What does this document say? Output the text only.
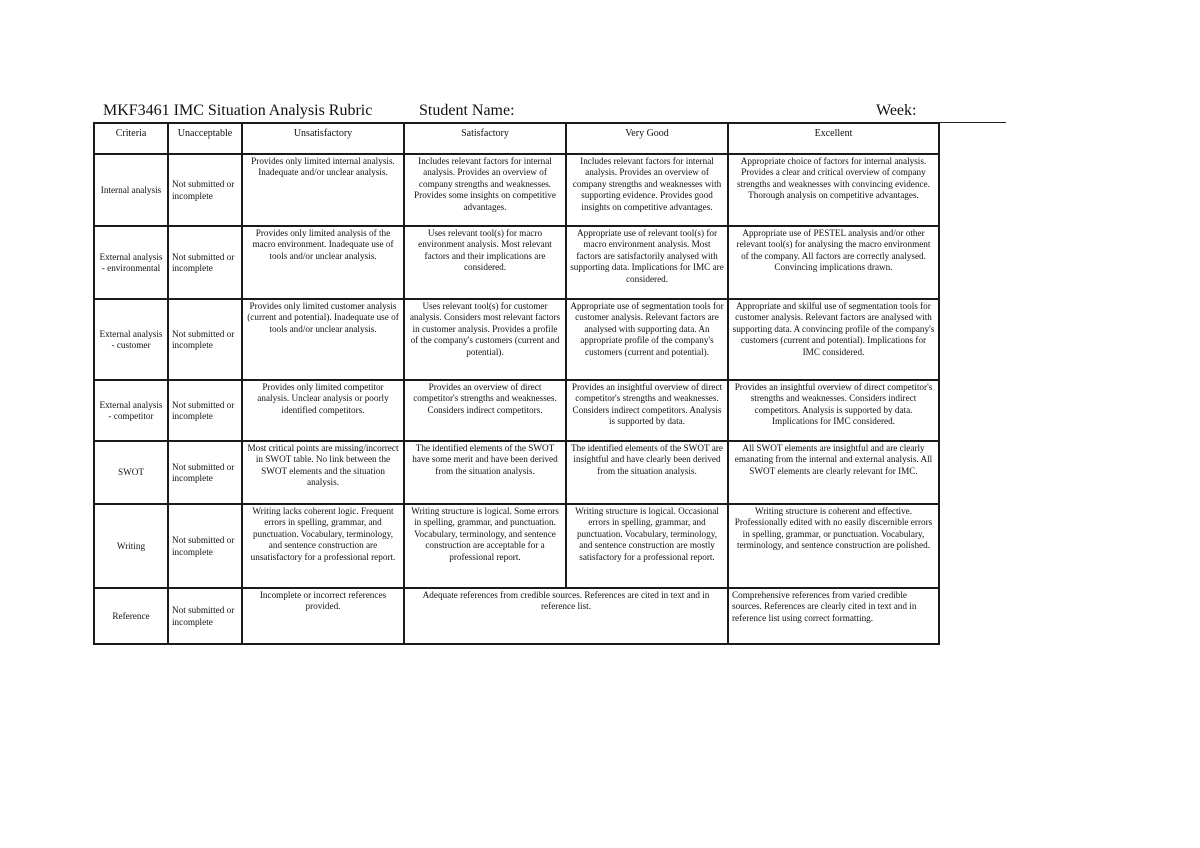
MKF3461 IMC Situation Analysis Rubric	Student Name:	Week:
Criteria	Unacceptable	Unsatisfactory	Satisfactory	Very Good	Excellent
Internal analysis	Not submitted or incomplete	Provides only limited internal analysis. Inadequate and/or unclear analysis.	Includes relevant factors for internal analysis. Provides an overview of company strengths and weaknesses. Provides some insights on competitive advantages.	Includes relevant factors for internal analysis. Provides an overview of company strengths and weaknesses with supporting evidence. Provides good insights on competitive advantages.	Appropriate choice of factors for internal analysis. Provides a clear and critical overview of company strengths and weaknesses with convincing evidence. Thorough analysis on competitive advantages.
External analysis - environmental	Not submitted or incomplete	Provides only limited analysis of the macro environment. Inadequate use of tools and/or unclear analysis.	Uses relevant tool(s) for macro environment analysis. Most relevant factors and their implications are considered.	Appropriate use of relevant tool(s) for macro environment analysis. Most factors are satisfactorily analysed with supporting data. Implications for IMC are considered.	Appropriate use of PESTEL analysis and/or other relevant tool(s) for analysing the macro environment of the company. All factors are correctly analysed. Convincing implications drawn.
External analysis - customer	Not submitted or incomplete	Provides only limited customer analysis (current and potential). Inadequate use of tools and/or unclear analysis.	Uses relevant tool(s) for customer analysis. Considers most relevant factors in customer analysis. Provides a profile of the company's customers (current and potential).	Appropriate use of segmentation tools for customer analysis. Relevant factors are analysed with supporting data. An appropriate profile of the company's customers (current and potential).	Appropriate and skilful use of segmentation tools for customer analysis. Relevant factors are analysed with supporting data. A convincing profile of the company's customers (current and potential). Implications for IMC considered.
External analysis - competitor	Not submitted or incomplete	Provides only limited competitor analysis. Unclear analysis or poorly identified competitors.	Provides an overview of direct competitor's strengths and weaknesses. Considers indirect competitors.	Provides an insightful overview of direct competitor's strengths and weaknesses. Considers indirect competitors. Analysis is supported by data.	Provides an insightful overview of direct competitor's strengths and weaknesses. Considers indirect competitors. Analysis is supported by data. Implications for IMC considered.
SWOT	Not submitted or incomplete	Most critical points are missing/incorrect in SWOT table. No link between the SWOT elements and the situation analysis.	The identified elements of the SWOT have some merit and have been derived from the situation analysis.	The identified elements of the SWOT are insightful and have clearly been derived from the situation analysis.	All SWOT elements are insightful and are clearly emanating from the internal and external analysis. All SWOT elements are clearly relevant for IMC.
Writing	Not submitted or incomplete	Writing lacks coherent logic. Frequent errors in spelling, grammar, and punctuation. Vocabulary, terminology, and sentence construction are unsatisfactory for a professional report.	Writing structure is logical. Some errors in spelling, grammar, and punctuation. Vocabulary, terminology, and sentence construction are acceptable for a professional report.	Writing structure is logical. Occasional errors in spelling, grammar, and punctuation. Vocabulary, terminology, and sentence construction are mostly satisfactory for a professional report.	Writing structure is coherent and effective. Professionally edited with no easily discernible errors in spelling, grammar, or punctuation. Vocabulary, terminology, and sentence construction are polished.
Reference	Not submitted or incomplete	Incomplete or incorrect references provided.	Adequate references from credible sources. References are cited in text and in reference list.		Comprehensive references from varied credible sources. References are clearly cited in text and in reference list using correct formatting.
